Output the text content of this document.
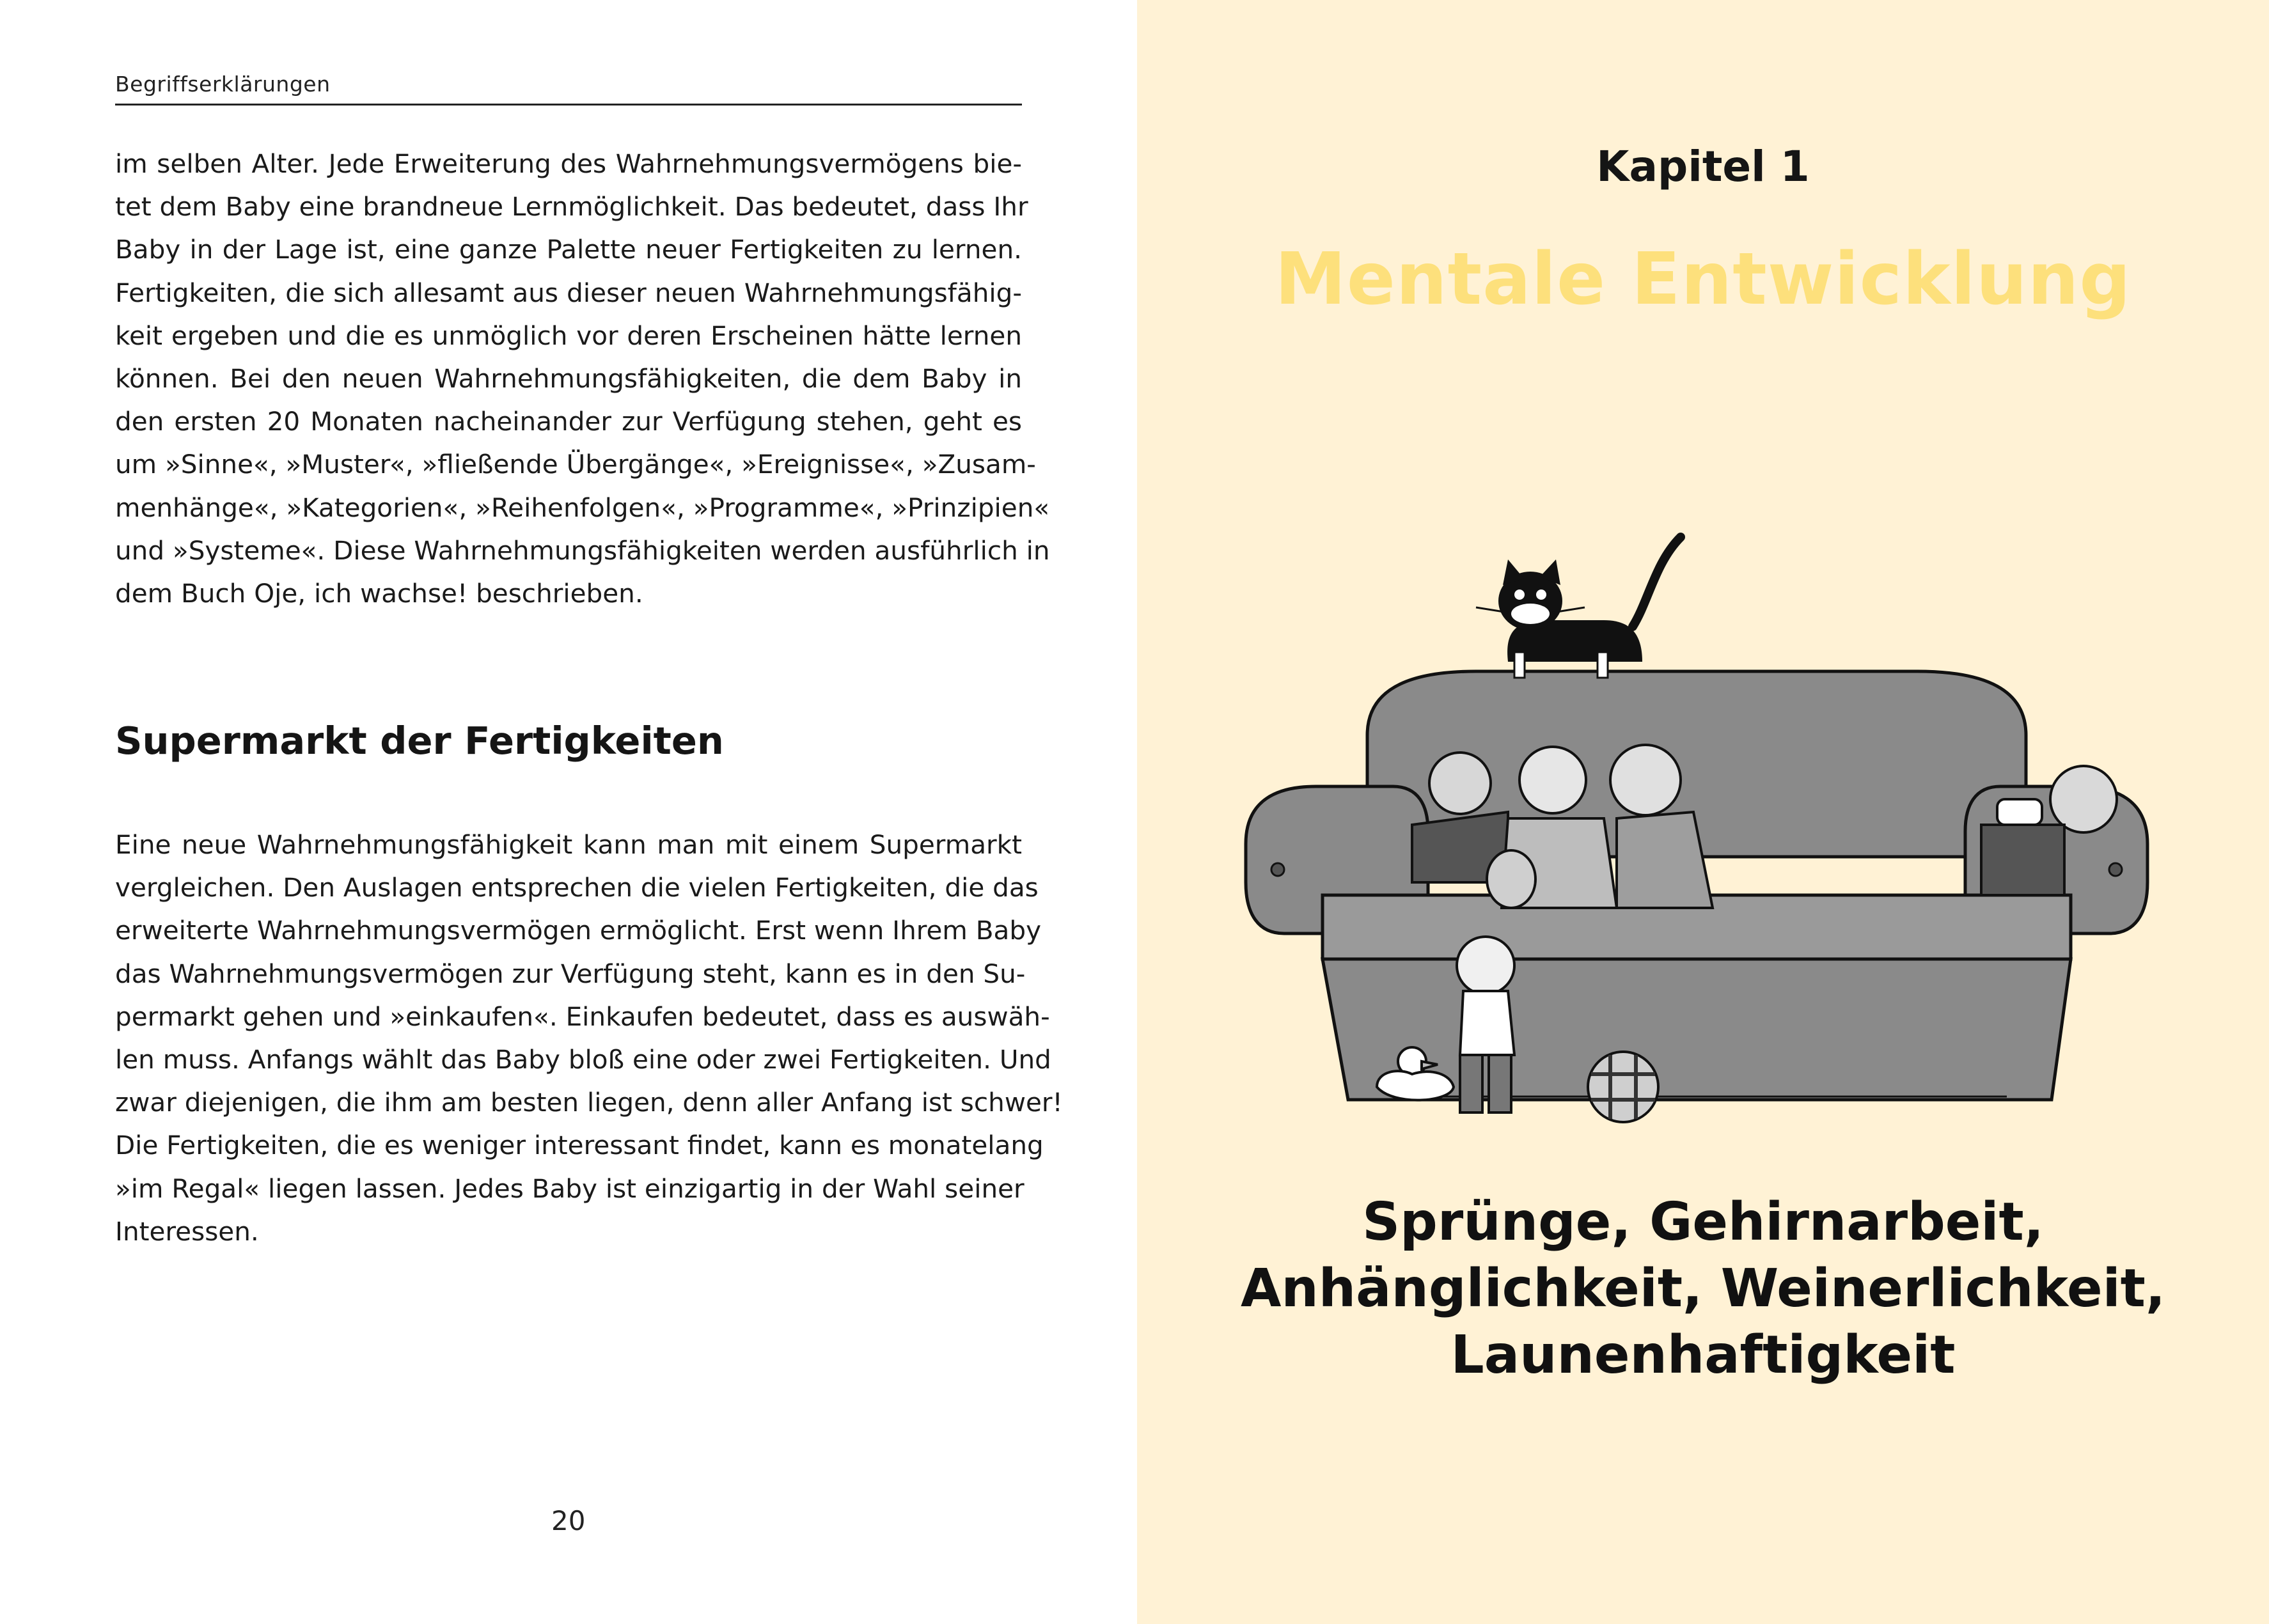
Begriffserklärungen
im selben Alter. Jede Erweiterung des Wahrnehmungsvermögens bie-
tet dem Baby eine brandneue Lernmöglichkeit. Das bedeutet, dass Ihr
Baby in der Lage ist, eine ganze Palette neuer Fertigkeiten zu lernen.
Fertigkeiten, die sich allesamt aus dieser neuen Wahrnehmungsfähig-
keit ergeben und die es unmöglich vor deren Erscheinen hätte lernen
können. Bei den neuen Wahrnehmungsfähigkeiten, die dem Baby in
den ersten 20 Monaten nacheinander zur Verfügung stehen, geht es
um »Sinne«, »Muster«, »fließende Übergänge«, »Ereignisse«, »Zusam-
menhänge«, »Kategorien«, »Reihenfolgen«, »Programme«, »Prinzipien«
und »Systeme«. Diese Wahrnehmungsfähigkeiten werden ausführlich in
dem Buch Oje, ich wachse! beschrieben.
Supermarkt der Fertigkeiten
Eine neue Wahrnehmungsfähigkeit kann man mit einem Supermarkt
vergleichen. Den Auslagen entsprechen die vielen Fertigkeiten, die das
erweiterte Wahrnehmungsvermögen ermöglicht. Erst wenn Ihrem Baby
das Wahrnehmungsvermögen zur Verfügung steht, kann es in den Su-
permarkt gehen und »einkaufen«. Einkaufen bedeutet, dass es auswäh-
len muss. Anfangs wählt das Baby bloß eine oder zwei Fertigkeiten. Und
zwar diejenigen, die ihm am besten liegen, denn aller Anfang ist schwer!
Die Fertigkeiten, die es weniger interessant findet, kann es monatelang
»im Regal« liegen lassen. Jedes Baby ist einzigartig in der Wahl seiner
Interessen.
20
Kapitel 1
Mentale Entwicklung
Sprünge, Gehirnarbeit,
Anhänglichkeit, Weinerlichkeit,
Launenhaftigkeit
